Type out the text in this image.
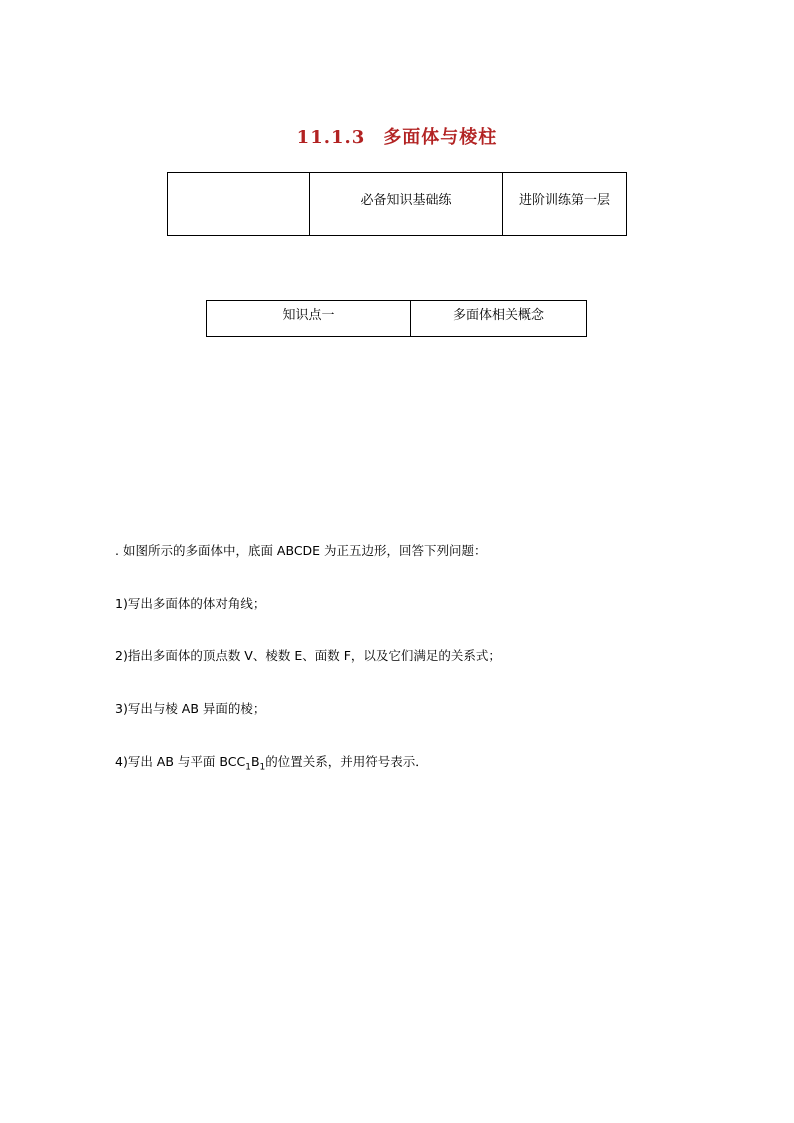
11.1.3 多面体与棱柱
	必备知识基础练	进阶训练第一层
知识点一	多面体相关概念
. 如图所示的多面体中，底面 ABCDE 为正五边形，回答下列问题：
1)写出多面体的体对角线；
2)指出多面体的顶点数 V、棱数 E、面数 F，以及它们满足的关系式；
3)写出与棱 AB 异面的棱；
4)写出 AB 与平面 $BCC_1B_1$的位置关系，并用符号表示．
